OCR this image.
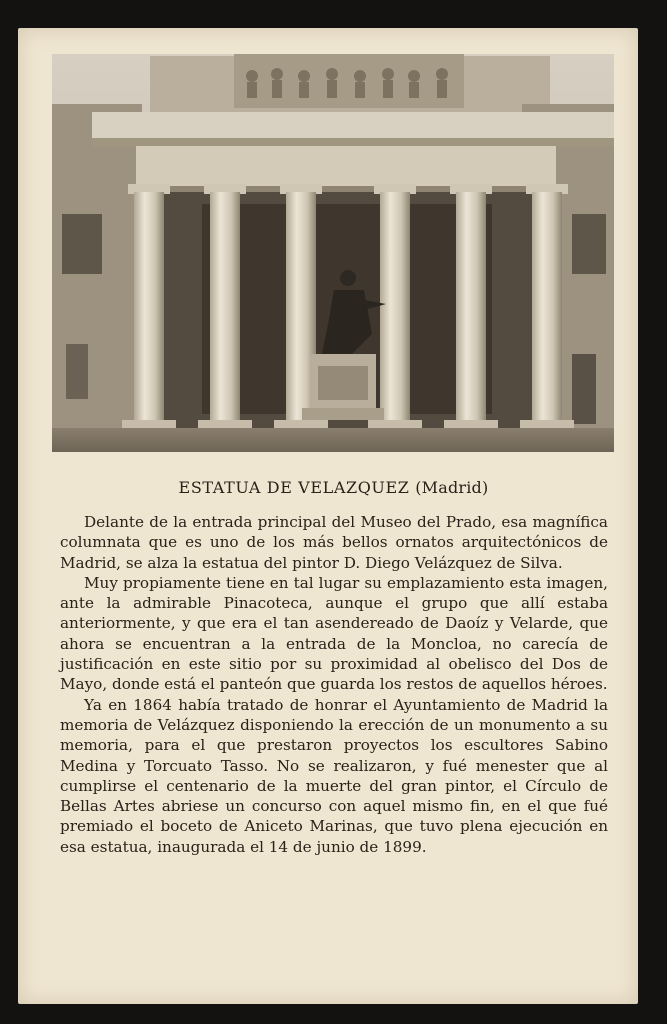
ESTATUA DE VELAZQUEZ (Madrid)

Delante de la entrada principal del Museo del Prado, esa magnífica columnata que es uno de los más bellos ornatos arquitectónicos de Madrid, se alza la estatua del pintor D. Diego Velázquez de Silva.

Muy propiamente tiene en tal lugar su emplazamiento esta imagen, ante la admirable Pinacoteca, aunque el grupo que allí estaba anteriormente, y que era el tan asendereado de Daoíz y Velarde, que ahora se encuentran a la entrada de la Moncloa, no carecía de justificación en este sitio por su proximidad al obelisco del Dos de Mayo, donde está el panteón que guarda los restos de aquellos héroes.

Ya en 1864 había tratado de honrar el Ayuntamiento de Madrid la memoria de Velázquez disponiendo la erección de un monumento a su memoria, para el que prestaron proyectos los escultores Sabino Medina y Torcuato Tasso. No se realizaron, y fué menester que al cumplirse el centenario de la muerte del gran pintor, el Círculo de Bellas Artes abriese un concurso con aquel mismo fin, en el que fué premiado el boceto de Aniceto Marinas, que tuvo plena ejecución en esa estatua, inaugurada el 14 de junio de 1899.
